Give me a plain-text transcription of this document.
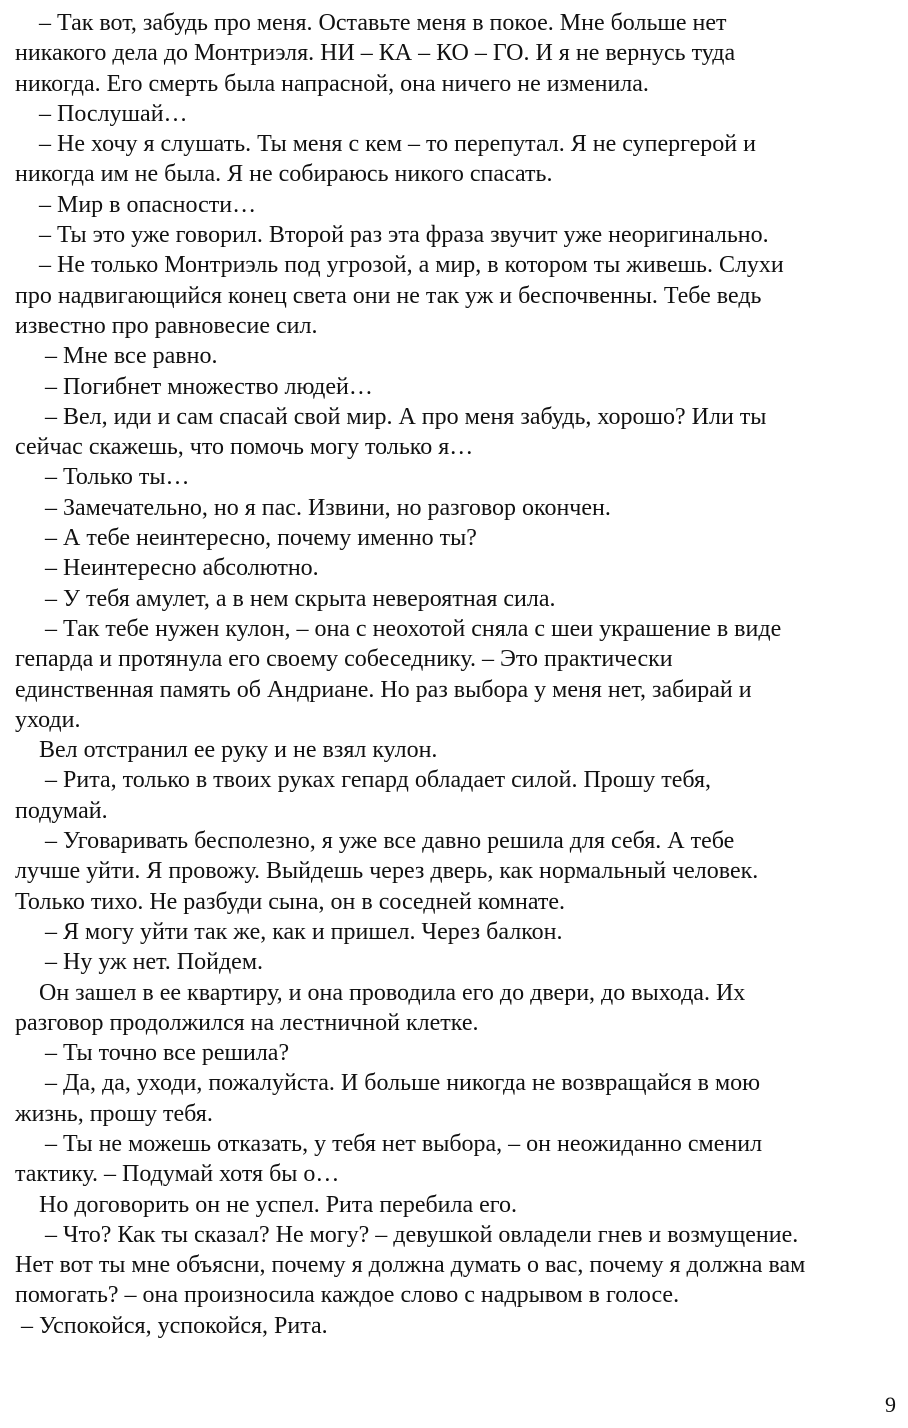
– Так вот, забудь про меня. Оставьте меня в покое. Мне больше нет
никакого дела до Монтриэля. НИ – КА – КО – ГО. И я не вернусь туда
никогда. Его смерть была напрасной, она ничего не изменила.
– Послушай…
– Не хочу я слушать. Ты меня с кем – то перепутал. Я не супергерой и
никогда им не была. Я не собираюсь никого спасать.
– Мир в опасности…
– Ты это уже говорил. Второй раз эта фраза звучит уже неоригинально.
– Не только Монтриэль под угрозой, а мир, в котором ты живешь. Слухи
про надвигающийся конец света они не так уж и беспочвенны. Тебе ведь
известно про равновесие сил.
– Мне все равно.
– Погибнет множество людей…
– Вел, иди и сам спасай свой мир. А про меня забудь, хорошо? Или ты
сейчас скажешь, что помочь могу только я…
– Только ты…
– Замечательно, но я пас. Извини, но разговор окончен.
– А тебе неинтересно, почему именно ты?
– Неинтересно абсолютно.
– У тебя амулет, а в нем скрыта невероятная сила.
– Так тебе нужен кулон, – она с неохотой сняла с шеи украшение в виде
гепарда и протянула его своему собеседнику. – Это практически
единственная память об Андриане. Но раз выбора у меня нет, забирай и
уходи.
Вел отстранил ее руку и не взял кулон.
– Рита, только в твоих руках гепард обладает силой. Прошу тебя,
подумай.
– Уговаривать бесполезно, я уже все давно решила для себя. А тебе
лучше уйти. Я провожу. Выйдешь через дверь, как нормальный человек.
Только тихо. Не разбуди сына, он в соседней комнате.
– Я могу уйти так же, как и пришел. Через балкон.
– Ну уж нет. Пойдем.
Он зашел в ее квартиру, и она проводила его до двери, до выхода. Их
разговор продолжился на лестничной клетке.
– Ты точно все решила?
– Да, да, уходи, пожалуйста. И больше никогда не возвращайся в мою
жизнь, прошу тебя.
– Ты не можешь отказать, у тебя нет выбора, – он неожиданно сменил
тактику. – Подумай хотя бы о…
Но договорить он не успел. Рита перебила его.
– Что? Как ты сказал? Не могу? – девушкой овладели гнев и возмущение.
Нет вот ты мне объясни, почему я должна думать о вас, почему я должна вам
помогать? – она произносила каждое слово с надрывом в голосе.
– Успокойся, успокойся, Рита.
9
